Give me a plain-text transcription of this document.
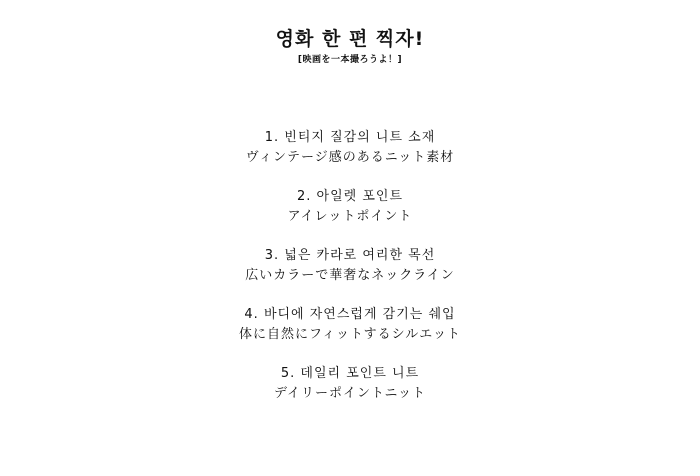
영화 한 편 찍자!
[映画を一本撮ろうよ！]
1. 빈티지 질감의 니트 소재
ヴィンテージ感のあるニット素材
2. 아일렛 포인트
アイレットポイント
3. 넓은 카라로 여리한 목선
広いカラーで華奢なネックライン
4. 바디에 자연스럽게 감기는 쉐입
体に自然にフィットするシルエット
5. 데일리 포인트 니트
デイリーポイントニット
